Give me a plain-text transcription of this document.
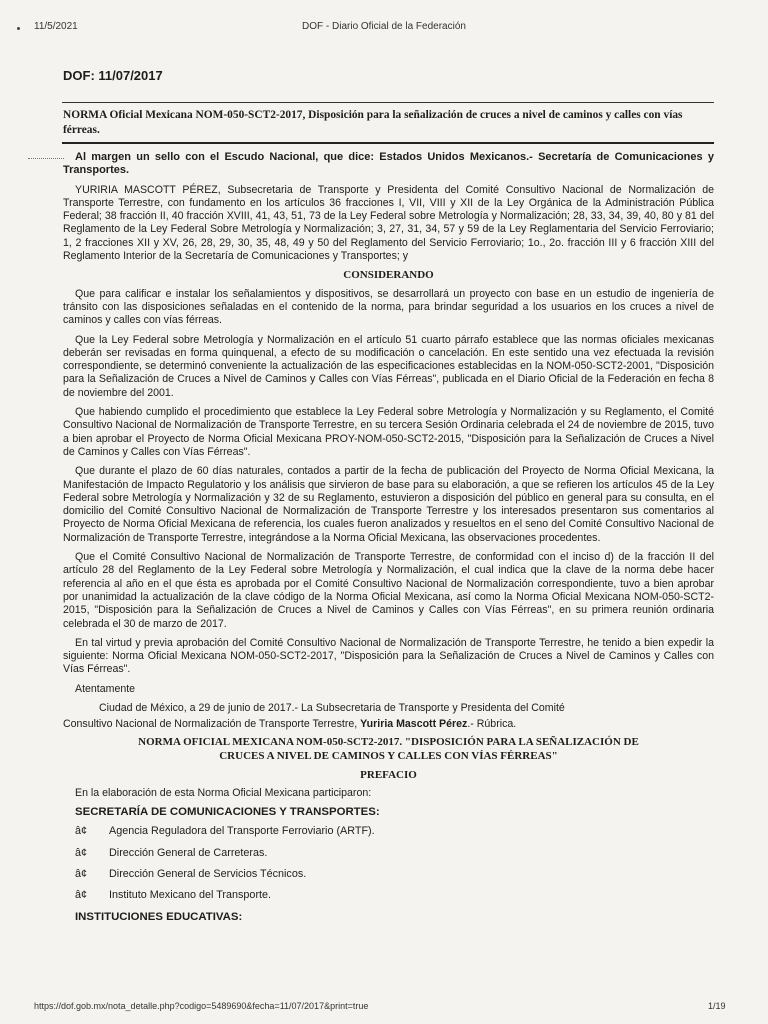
11/5/2021	DOF - Diario Oficial de la Federación
DOF: 11/07/2017
NORMA Oficial Mexicana NOM-050-SCT2-2017, Disposición para la señalización de cruces a nivel de caminos y calles con vías férreas.

Al margen un sello con el Escudo Nacional, que dice: Estados Unidos Mexicanos.- Secretaría de Comunicaciones y Transportes.

YURIRIA MASCOTT PÉREZ, Subsecretaria de Transporte y Presidenta del Comité Consultivo Nacional de Normalización de Transporte Terrestre, con fundamento en los artículos 36 fracciones I, VII, VIII y XII de la Ley Orgánica de la Administración Pública Federal; 38 fracción II, 40 fracción XVIII, 41, 43, 51, 73 de la Ley Federal sobre Metrología y Normalización; 28, 33, 34, 39, 40, 80 y 81 del Reglamento de la Ley Federal Sobre Metrología y Normalización; 3, 27, 31, 34, 57 y 59 de la Ley Reglamentaria del Servicio Ferroviario; 1, 2 fracciones XII y XV, 26, 28, 29, 30, 35, 48, 49 y 50 del Reglamento del Servicio Ferroviario; 1o., 2o. fracción III y 6 fracción XIII del Reglamento Interior de la Secretaría de Comunicaciones y Transportes; y

CONSIDERANDO

Que para calificar e instalar los señalamientos y dispositivos, se desarrollará un proyecto con base en un estudio de ingeniería de tránsito con las disposiciones señaladas en el contenido de la norma, para brindar seguridad a los usuarios en los cruces a nivel de caminos y calles con vías férreas.

Que la Ley Federal sobre Metrología y Normalización en el artículo 51 cuarto párrafo establece que las normas oficiales mexicanas deberán ser revisadas en forma quinquenal, a efecto de su modificación o cancelación. En este sentido una vez efectuada la revisión correspondiente, se determinó conveniente la actualización de las especificaciones establecidas en la NOM-050-SCT2-2001, "Disposición para la Señalización de Cruces a Nivel de Caminos y Calles con Vías Férreas", publicada en el Diario Oficial de la Federación en fecha 8 de noviembre del 2001.

Que habiendo cumplido el procedimiento que establece la Ley Federal sobre Metrología y Normalización y su Reglamento, el Comité Consultivo Nacional de Normalización de Transporte Terrestre, en su tercera Sesión Ordinaria celebrada el 24 de noviembre de 2015, tuvo a bien aprobar el Proyecto de Norma Oficial Mexicana PROY-NOM-050-SCT2-2015, "Disposición para la Señalización de Cruces a Nivel de Caminos y Calles con Vías Férreas".

Que durante el plazo de 60 días naturales, contados a partir de la fecha de publicación del Proyecto de Norma Oficial Mexicana, la Manifestación de Impacto Regulatorio y los análisis que sirvieron de base para su elaboración, a que se refieren los artículos 45 de la Ley Federal sobre Metrología y Normalización y 32 de su Reglamento, estuvieron a disposición del público en general para su consulta, en el domicilio del Comité Consultivo Nacional de Normalización de Transporte Terrestre y los interesados presentaron sus comentarios al Proyecto de Norma Oficial Mexicana de referencia, los cuales fueron analizados y resueltos en el seno del Comité Consultivo Nacional de Normalización de Transporte Terrestre, integrándose a la Norma Oficial Mexicana, las observaciones procedentes.

Que el Comité Consultivo Nacional de Normalización de Transporte Terrestre, de conformidad con el inciso d) de la fracción II del artículo 28 del Reglamento de la Ley Federal sobre Metrología y Normalización, el cual indica que la clave de la norma debe hacer referencia al año en el que ésta es aprobada por el Comité Consultivo Nacional de Normalización correspondiente, tuvo a bien aprobar por unanimidad la actualización de la clave código de la Norma Oficial Mexicana, así como la Norma Oficial Mexicana NOM-050-SCT2-2015, "Disposición para la Señalización de Cruces a Nivel de Caminos y Calles con Vías Férreas", en su primera reunión ordinaria celebrada el 30 de marzo de 2017.

En tal virtud y previa aprobación del Comité Consultivo Nacional de Normalización de Transporte Terrestre, he tenido a bien expedir la siguiente: Norma Oficial Mexicana NOM-050-SCT2-2017, "Disposición para la Señalización de Cruces a Nivel de Caminos y Calles con Vías Férreas".

Atentamente

Ciudad de México, a 29 de junio de 2017.- La Subsecretaria de Transporte y Presidenta del Comité

Consultivo Nacional de Normalización de Transporte Terrestre, Yuriria Mascott Pérez.- Rúbrica.

NORMA OFICIAL MEXICANA NOM-050-SCT2-2017. "DISPOSICIÓN PARA LA SEÑALIZACIÓN DE
CRUCES A NIVEL DE CAMINOS Y CALLES CON VÍAS FÉRREAS"
PREFACIO

En la elaboración de esta Norma Oficial Mexicana participaron:

SECRETARÍA DE COMUNICACIONES Y TRANSPORTES:
â¢ Agencia Reguladora del Transporte Ferroviario (ARTF).
â¢ Dirección General de Carreteras.
â¢ Dirección General de Servicios Técnicos.
â¢ Instituto Mexicano del Transporte.
INSTITUCIONES EDUCATIVAS:
https://dof.gob.mx/nota_detalle.php?codigo=5489690&fecha=11/07/2017&print=true	1/19
